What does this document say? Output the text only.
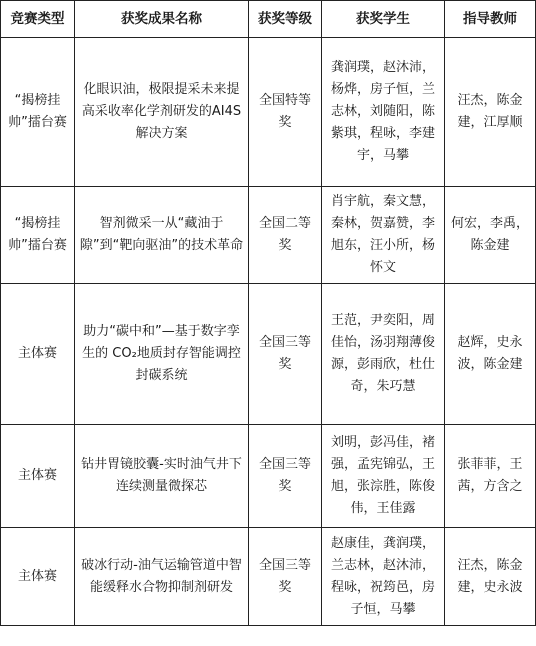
竞赛类型	获奖成果名称	获奖等级	获奖学生	指导教师
“揭榜挂帅”擂台赛	化眼识油，极限提采未来提高采收率化学剂研发的AI4S 解决方案	全国特等奖	龚润璞，赵沐沛，杨烨，房子恒，兰志林，刘随阳，陈紫琪，程咏，李建宇，马攀	汪杰，陈金建，江厚顺
“揭榜挂帅”擂台赛	智剂微采一从“藏油于隙”到“靶向驱油”的技术革命	全国二等奖	肖宇航，秦文慧，秦林，贺嘉赞，李旭东，汪小所，杨怀文	何宏，李禹，陈金建
主体赛	助力“碳中和”—基于数字孪生的 CO₂地质封存智能调控封碳系统	全国三等奖	王范，尹奕阳，周佳怡，汤羽翔薄俊源，彭雨欣，杜仕奇，朱巧慧	赵辉，史永波，陈金建
主体赛	钻井胃镜胶囊-实时油气井下连续测量微探芯	全国三等奖	刘明，彭冯佳，褚强，孟宪锦弘，王旭，张淙胜，陈俊伟，王佳露	张菲菲，王茜，方含之
主体赛	破冰行动-油气运输管道中智能缓释水合物抑制剂研发	全国三等奖	赵康佳，龚润璞，兰志林，赵沐沛，程咏，祝筠邑，房子恒，马攀	汪杰，陈金建，史永波
